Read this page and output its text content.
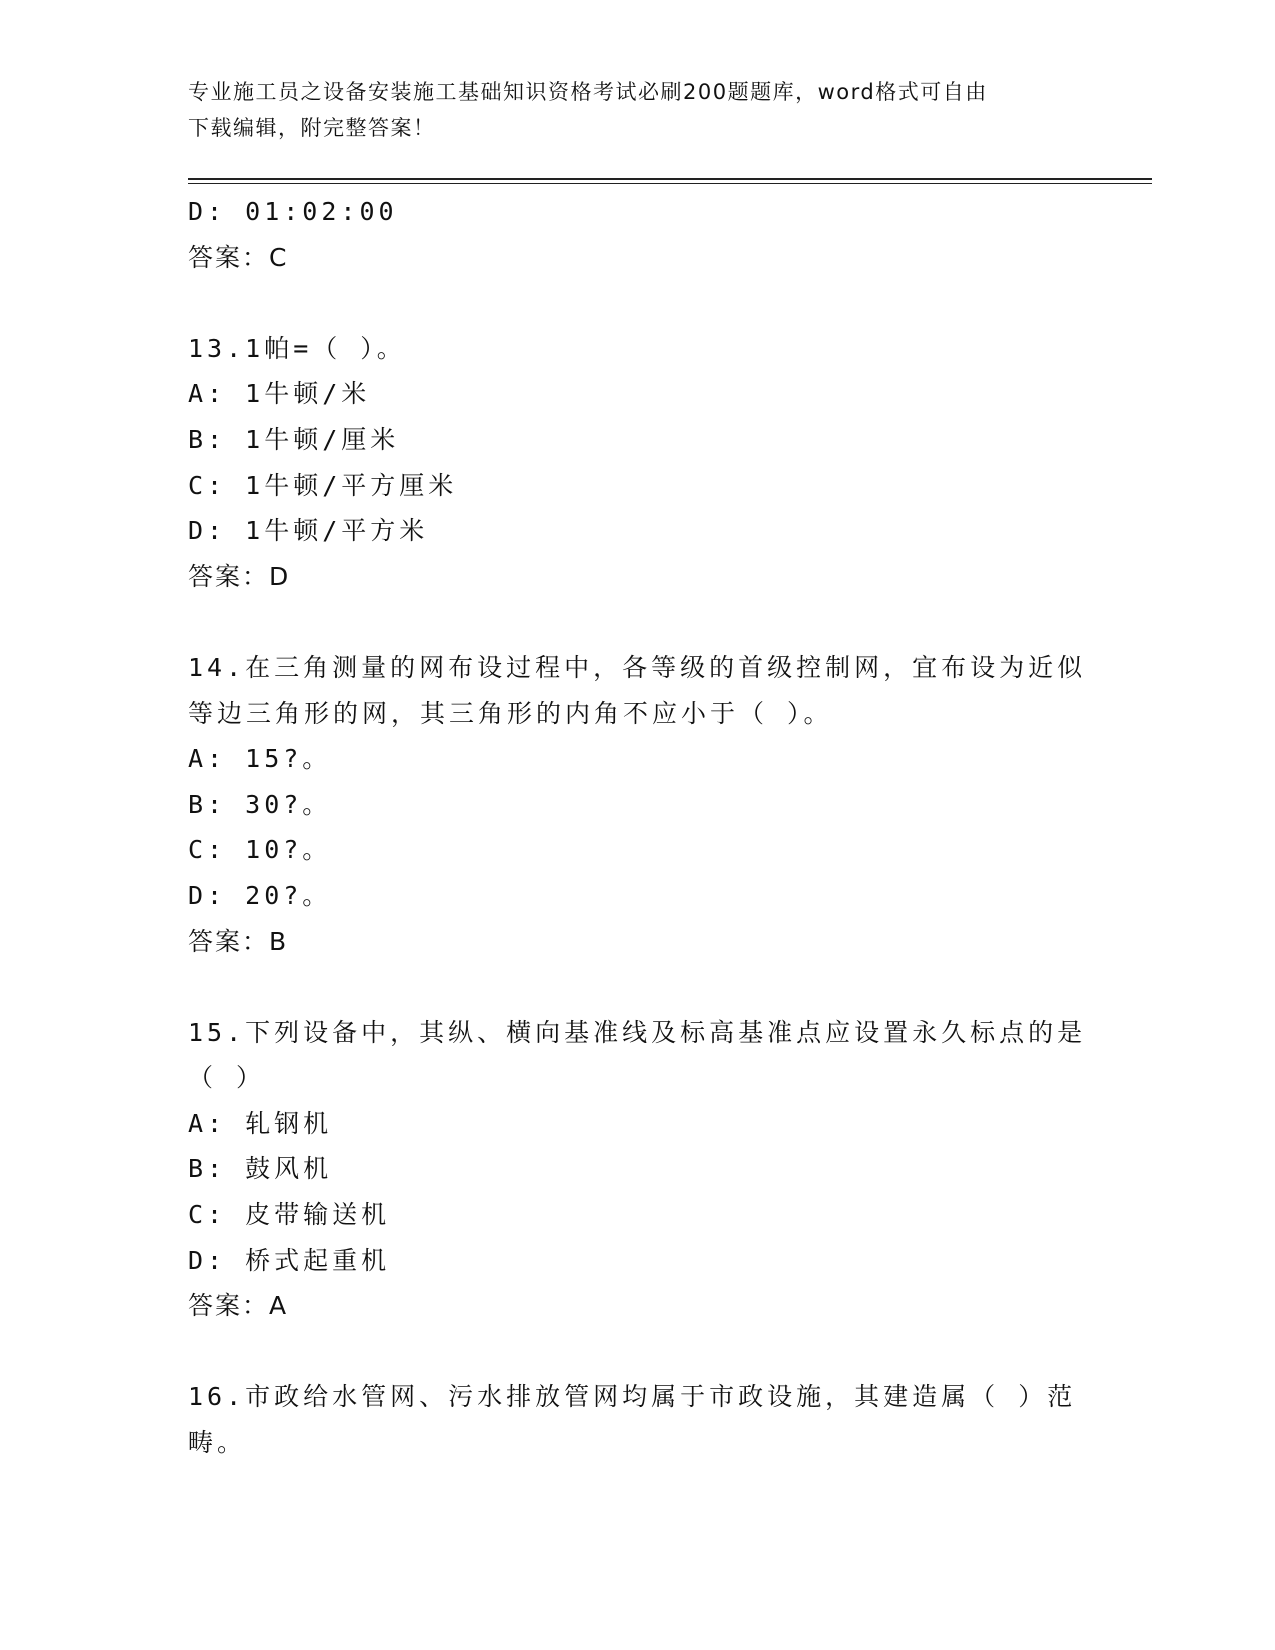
专业施工员之设备安装施工基础知识资格考试必刷200题题库，word格式可自由
下载编辑，附完整答案！
D: 01:02:00
答案：C
13.1帕=（ ）。
A: 1牛顿/米
B: 1牛顿/厘米
C: 1牛顿/平方厘米
D: 1牛顿/平方米
答案：D
14.在三角测量的网布设过程中，各等级的首级控制网，宜布设为近似
等边三角形的网，其三角形的内角不应小于（ ）。
A: 15?。
B: 30?。
C: 10?。
D: 20?。
答案：B
15.下列设备中，其纵、横向基准线及标高基准点应设置永久标点的是
（ ）
A: 轧钢机
B: 鼓风机
C: 皮带输送机
D: 桥式起重机
答案：A
16.市政给水管网、污水排放管网均属于市政设施，其建造属（ ）范
畴。
